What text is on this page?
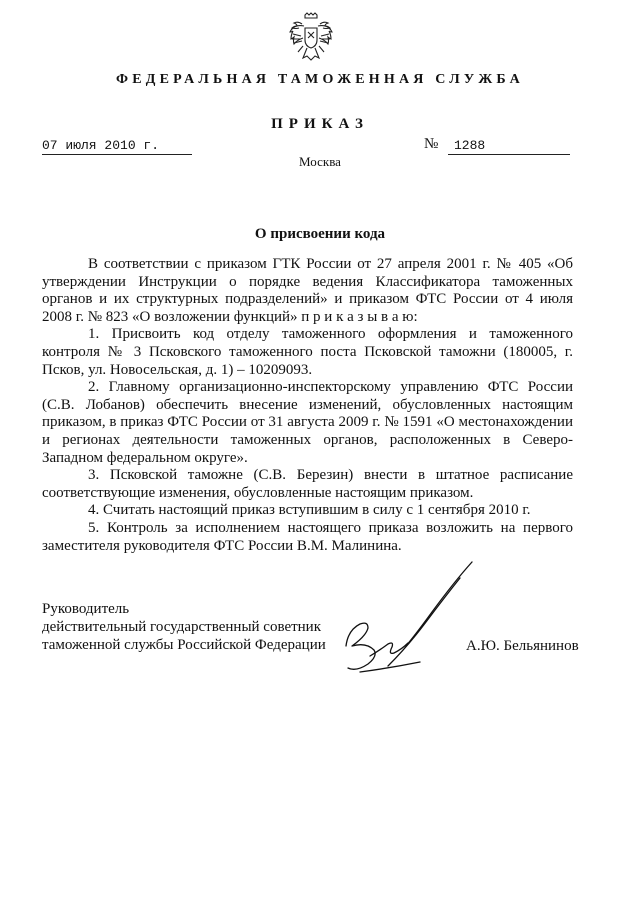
ФЕДЕРАЛЬНАЯ ТАМОЖЕННАЯ СЛУЖБА
ПРИКАЗ
07 июля 2010 г.	№	1288
Москва
О присвоении кода

В соответствии с приказом ГТК России от 27 апреля 2001 г. № 405 «Об утверждении Инструкции о порядке ведения Классификатора таможенных органов и их структурных подразделений» и приказом ФТС России от 4 июля 2008 г. № 823 «О возложении функций» п р и к а з ы в а ю:

1. Присвоить код отделу таможенного оформления и таможенного контроля № 3 Псковского таможенного поста Псковской таможни (180005, г. Псков, ул. Новосельская, д. 1) – 10209093.

2. Главному организационно-инспекторскому управлению ФТС России (С.В. Лобанов) обеспечить внесение изменений, обусловленных настоящим приказом, в приказ ФТС России от 31 августа 2009 г. № 1591 «О местонахождении и регионах деятельности таможенных органов, расположенных в Северо-Западном федеральном округе».

3. Псковской таможне (С.В. Березин) внести в штатное расписание соответствующие изменения, обусловленные настоящим приказом.

4. Считать настоящий приказ вступившим в силу с 1 сентября 2010 г.

5. Контроль за исполнением настоящего приказа возложить на первого заместителя руководителя ФТС России В.М. Малинина.

Руководитель
действительный государственный советник
таможенной службы Российской Федерации	А.Ю. Бельянинов
